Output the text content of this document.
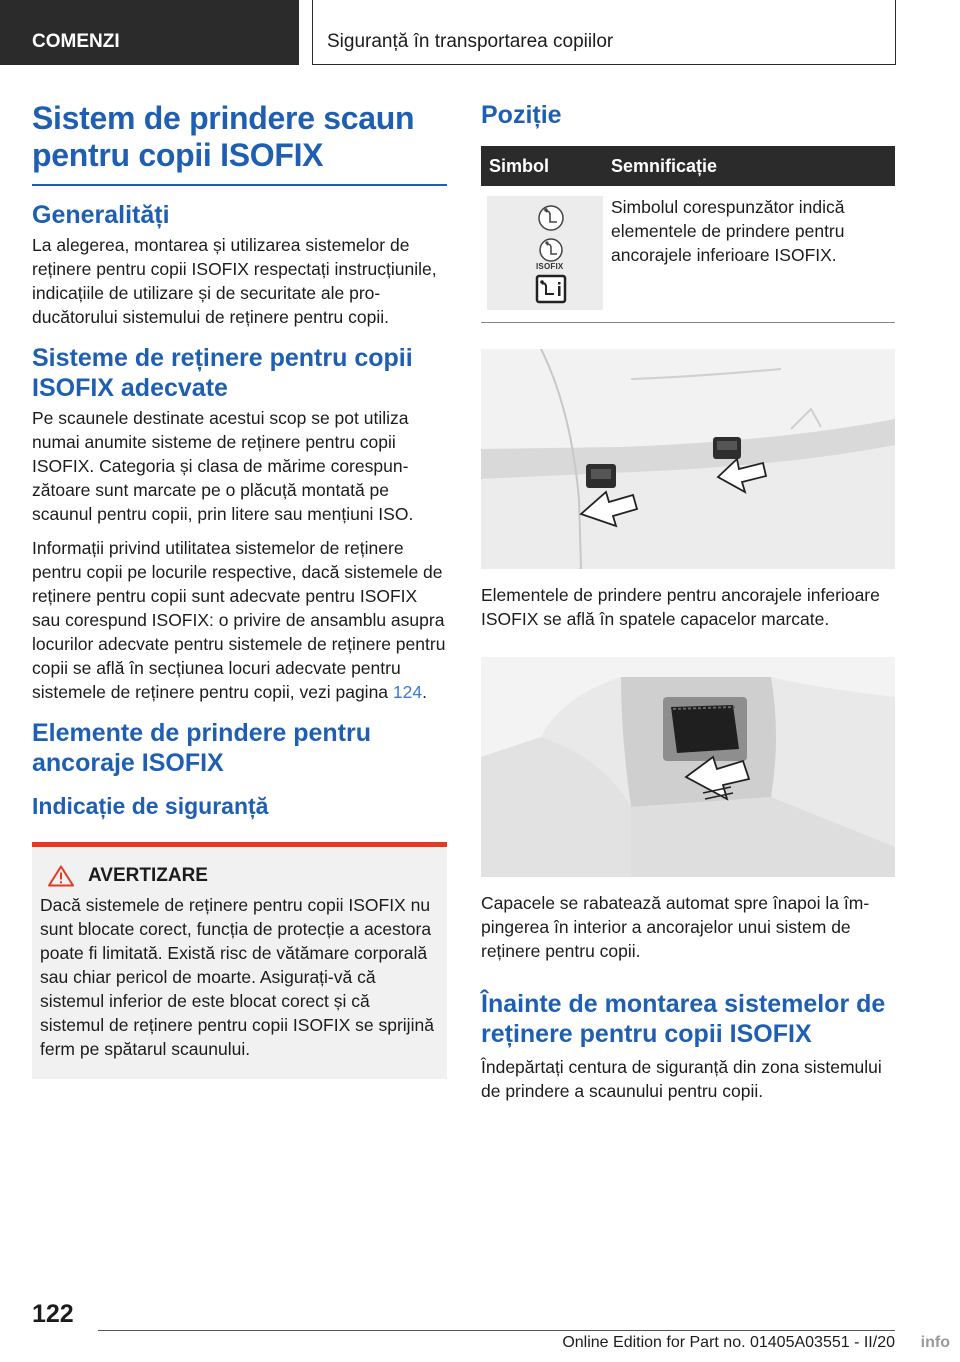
COMENZI	Siguranță în transportarea copiilor
Sistem de prindere scaun pentru copii ISOFIX
Generalități

La alegerea, montarea și utilizarea sistemelor de reținere pentru copii ISOFIX respectați instrucțiunile, indicațiile de utilizare și de securitate ale producătorului sistemului de reținere pentru copii.

Sisteme de reținere pentru copii ISOFIX adecvate

Pe scaunele destinate acestui scop se pot utiliza numai anumite sisteme de reținere pentru copii ISOFIX. Categoria și clasa de mărime corespunzătoare sunt marcate pe o plăcuță montată pe scaunul pentru copii, prin litere sau mențiuni ISO.

Informații privind utilitatea sistemelor de reținere pentru copii pe locurile respective, dacă sistemele de reținere pentru copii sunt adecvate pentru ISOFIX sau corespund ISOFIX: o privire de ansamblu asupra locurilor adecvate pentru sistemele de reținere pentru copii se află în secțiunea locuri adecvate pentru sistemele de reținere pentru copii, vezi pagina 124.

Elemente de prindere pentru ancoraje ISOFIX
Indicație de siguranță
AVERTIZARE

Dacă sistemele de reținere pentru copii ISOFIX nu sunt blocate corect, funcția de protecție a acestora poate fi limitată. Există risc de vătămare corporală sau chiar pericol de moarte. Asigurați-vă că sistemul inferior de este blocat corect și că sistemul de reținere pentru copii ISOFIX se sprijină ferm pe spătarul scaunului.

Poziție
Simbol	Semnificație

ISOFIX	Simbolul corespunzător indică elementele de prindere pentru ancorajele inferioare ISOFIX.

Elementele de prindere pentru ancorajele inferioare ISOFIX se află în spatele capacelor marcate.

Capacele se rabatează automat spre înapoi la împingerea în interior a ancorajelor unui sistem de reținere pentru copii.

Înainte de montarea sistemelor de reținere pentru copii ISOFIX

Îndepărtați centura de siguranță din zona sistemului de prindere a scaunului pentru copii.

122
Online Edition for Part no. 01405A03551 - II/20 info
